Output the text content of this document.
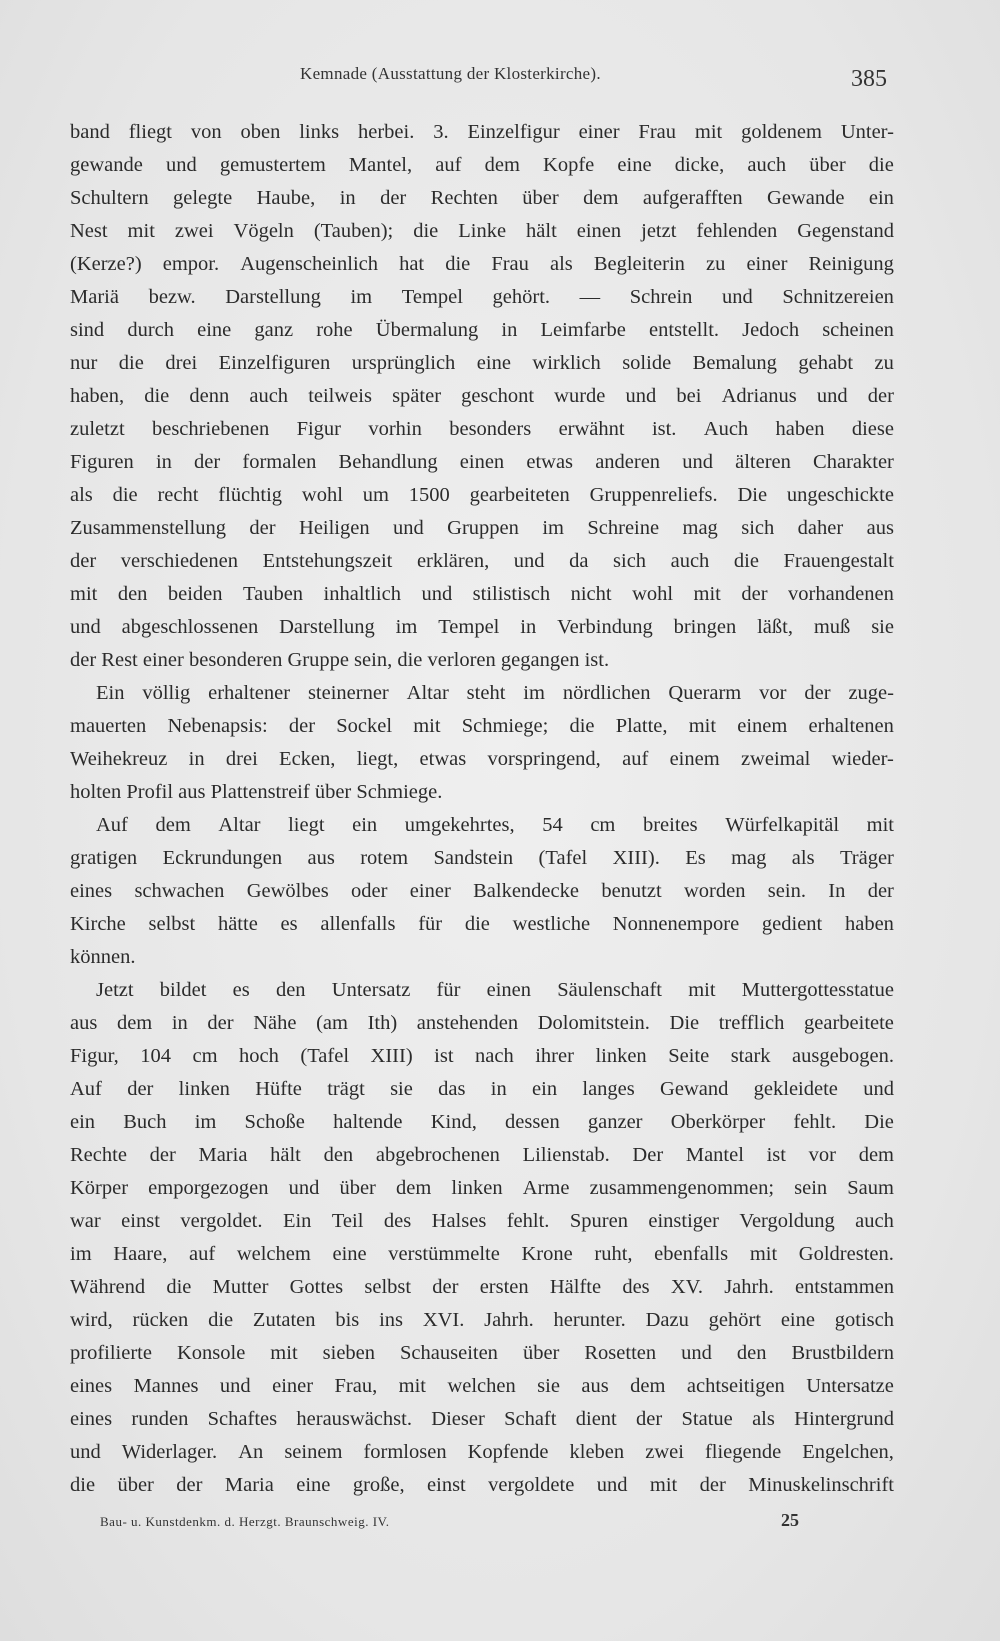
Kemnade (Ausstattung der Klosterkirche).	385
band fliegt von oben links herbei. 3. Einzelfigur einer Frau mit goldenem Unter-
gewande und gemustertem Mantel, auf dem Kopfe eine dicke, auch über die
Schultern gelegte Haube, in der Rechten über dem aufgerafften Gewande ein
Nest mit zwei Vögeln (Tauben); die Linke hält einen jetzt fehlenden Gegenstand
(Kerze?) empor. Augenscheinlich hat die Frau als Begleiterin zu einer Reinigung
Mariä bezw. Darstellung im Tempel gehört. — Schrein und Schnitzereien
sind durch eine ganz rohe Übermalung in Leimfarbe entstellt. Jedoch scheinen
nur die drei Einzelfiguren ursprünglich eine wirklich solide Bemalung gehabt zu
haben, die denn auch teilweis später geschont wurde und bei Adrianus und der
zuletzt beschriebenen Figur vorhin besonders erwähnt ist. Auch haben diese
Figuren in der formalen Behandlung einen etwas anderen und älteren Charakter
als die recht flüchtig wohl um 1500 gearbeiteten Gruppenreliefs. Die ungeschickte
Zusammenstellung der Heiligen und Gruppen im Schreine mag sich daher aus
der verschiedenen Entstehungszeit erklären, und da sich auch die Frauengestalt
mit den beiden Tauben inhaltlich und stilistisch nicht wohl mit der vorhandenen
und abgeschlossenen Darstellung im Tempel in Verbindung bringen läßt, muß sie
der Rest einer besonderen Gruppe sein, die verloren gegangen ist.
Ein völlig erhaltener steinerner Altar steht im nördlichen Querarm vor der zuge-
mauerten Nebenapsis: der Sockel mit Schmiege; die Platte, mit einem erhaltenen
Weihekreuz in drei Ecken, liegt, etwas vorspringend, auf einem zweimal wieder-
holten Profil aus Plattenstreif über Schmiege.
Auf dem Altar liegt ein umgekehrtes, 54 cm breites Würfelkapitäl mit
gratigen Eckrundungen aus rotem Sandstein (Tafel XIII). Es mag als Träger
eines schwachen Gewölbes oder einer Balkendecke benutzt worden sein. In der
Kirche selbst hätte es allenfalls für die westliche Nonnenempore gedient haben
können.
Jetzt bildet es den Untersatz für einen Säulenschaft mit Muttergottesstatue
aus dem in der Nähe (am Ith) anstehenden Dolomitstein. Die trefflich gearbeitete
Figur, 104 cm hoch (Tafel XIII) ist nach ihrer linken Seite stark ausgebogen.
Auf der linken Hüfte trägt sie das in ein langes Gewand gekleidete und
ein Buch im Schoße haltende Kind, dessen ganzer Oberkörper fehlt. Die
Rechte der Maria hält den abgebrochenen Lilienstab. Der Mantel ist vor dem
Körper emporgezogen und über dem linken Arme zusammengenommen; sein Saum
war einst vergoldet. Ein Teil des Halses fehlt. Spuren einstiger Vergoldung auch
im Haare, auf welchem eine verstümmelte Krone ruht, ebenfalls mit Goldresten.
Während die Mutter Gottes selbst der ersten Hälfte des XV. Jahrh. entstammen
wird, rücken die Zutaten bis ins XVI. Jahrh. herunter. Dazu gehört eine gotisch
profilierte Konsole mit sieben Schauseiten über Rosetten und den Brustbildern
eines Mannes und einer Frau, mit welchen sie aus dem achtseitigen Untersatze
eines runden Schaftes herauswächst. Dieser Schaft dient der Statue als Hintergrund
und Widerlager. An seinem formlosen Kopfende kleben zwei fliegende Engelchen,
die über der Maria eine große, einst vergoldete und mit der Minuskelinschrift
Bau- u. Kunstdenkm. d. Herzgt. Braunschweig. IV.	25
